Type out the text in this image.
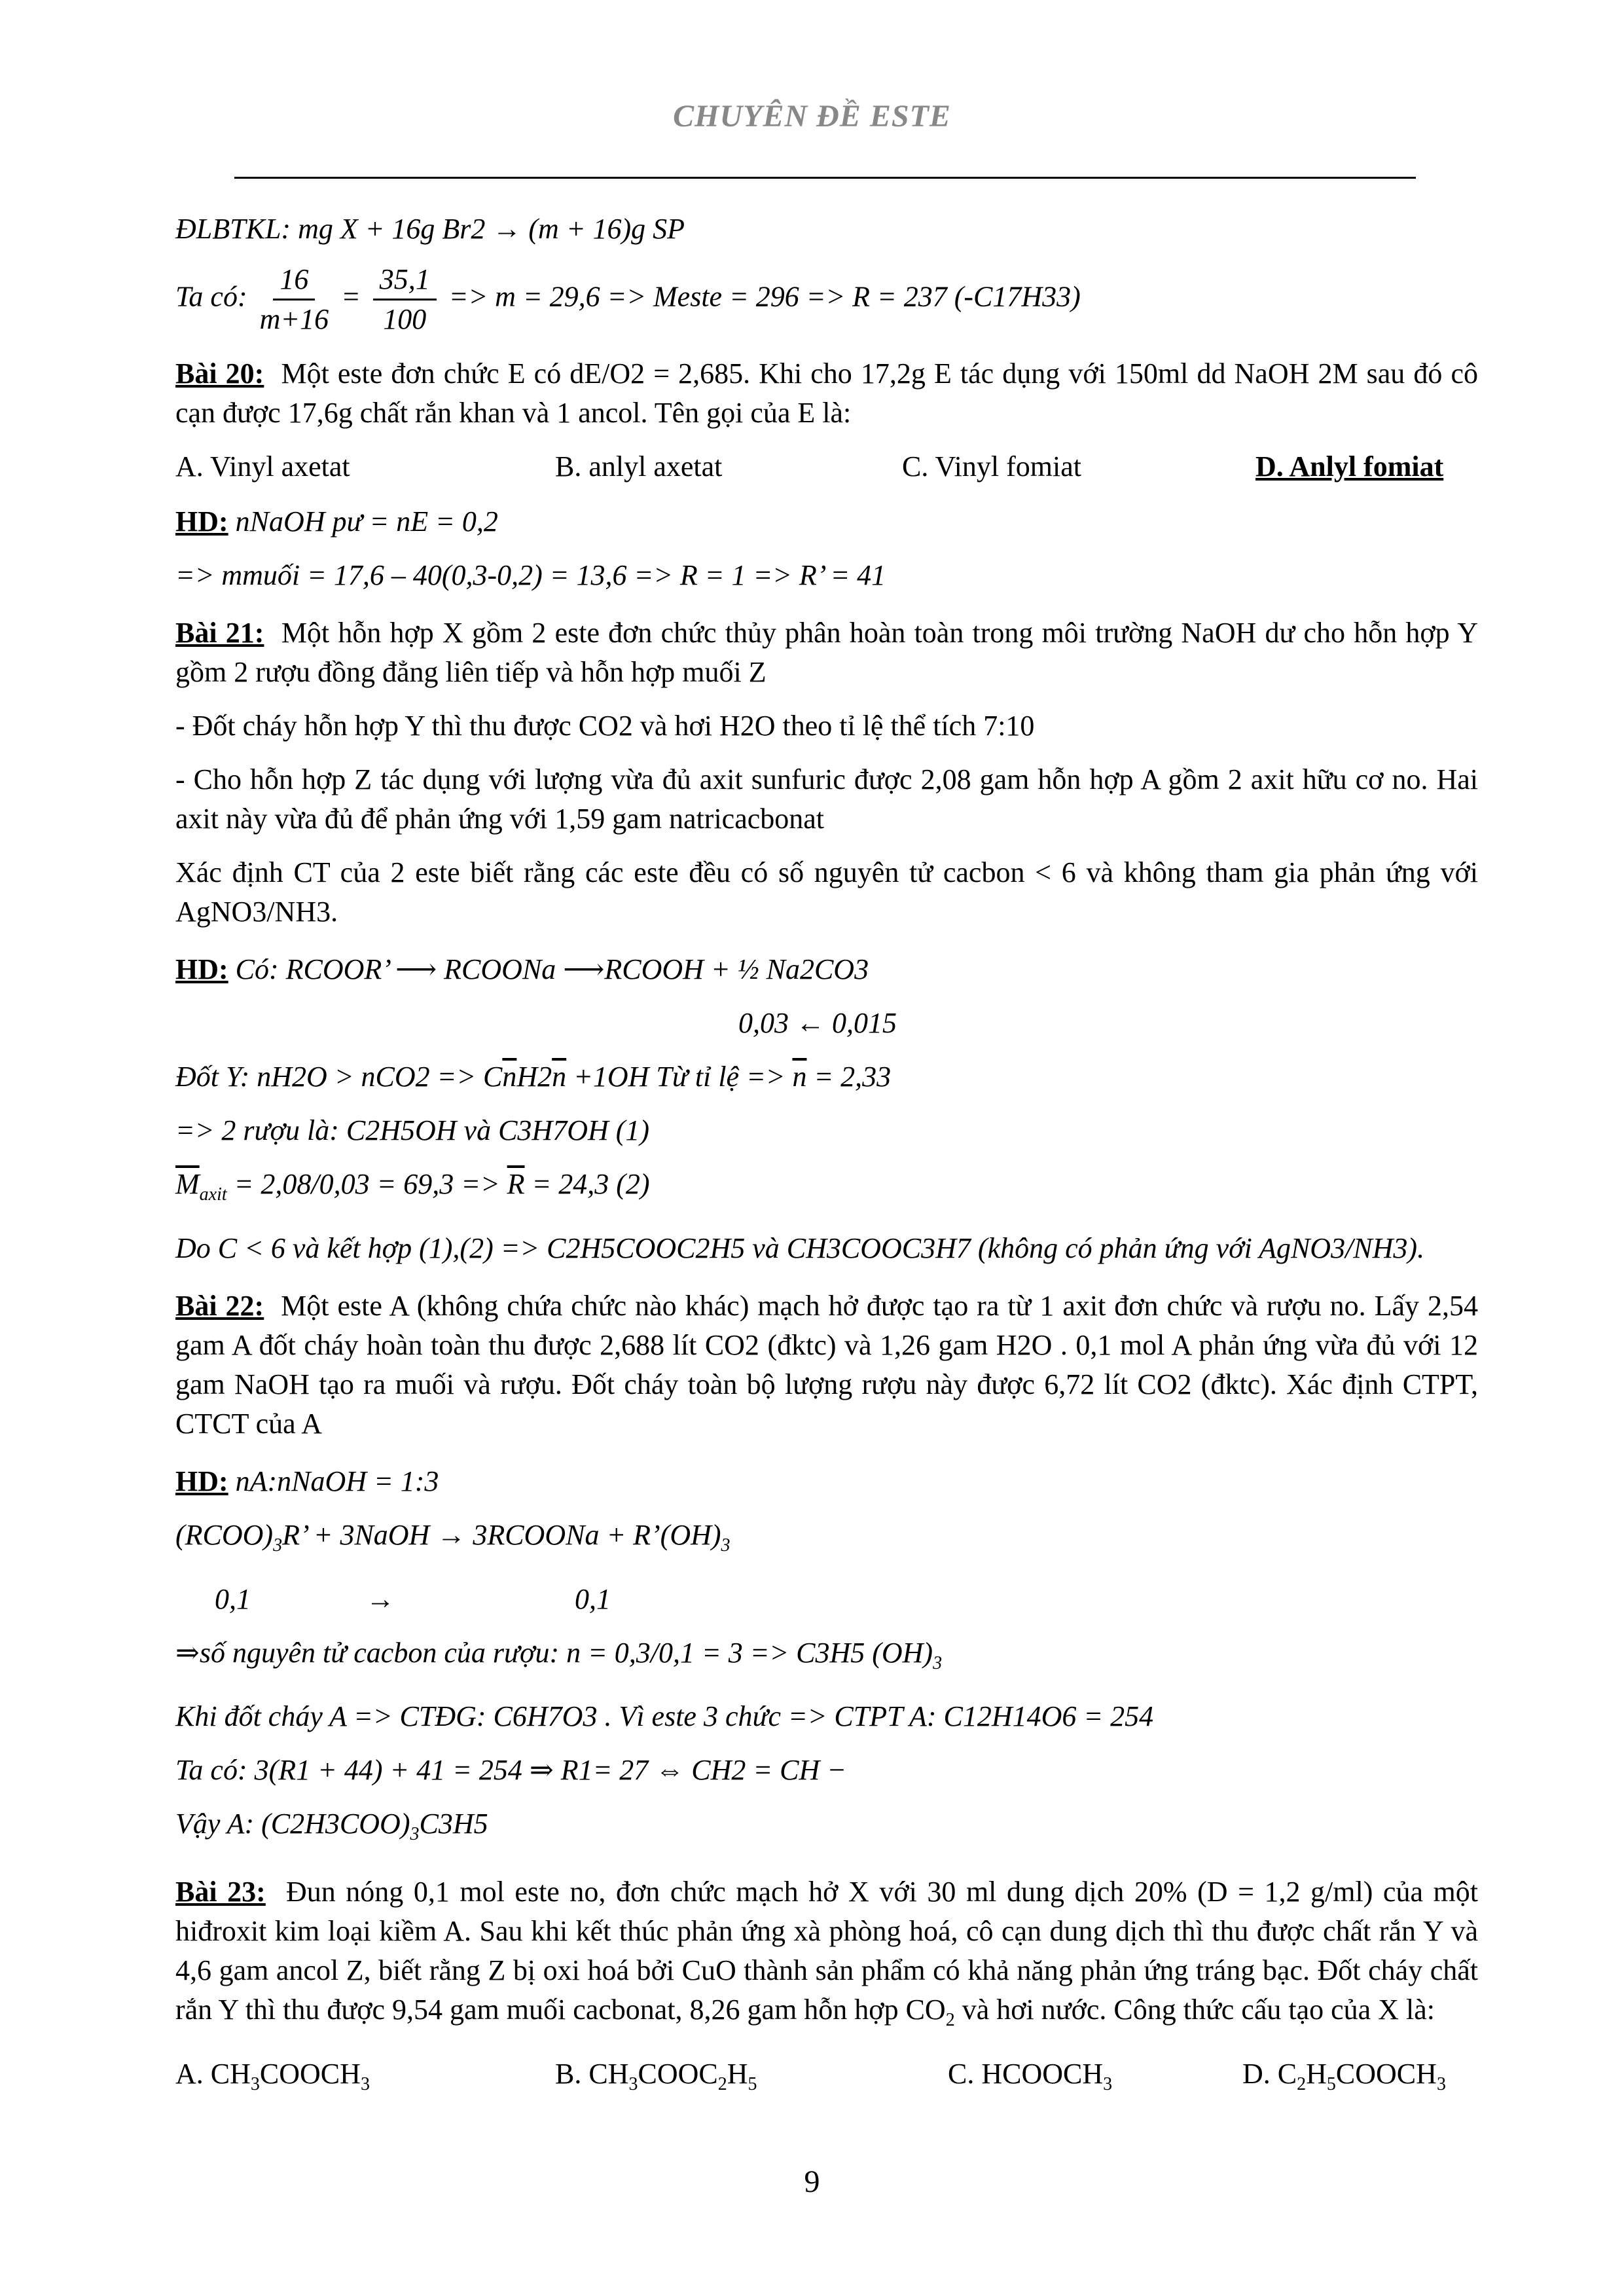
CHUYÊN ĐỀ ESTE

ĐLBTKL: mg X + 16g Br2 → (m + 16)g SP

Ta có: $\frac{16}{m+16} = \frac{35,1}{100} => m = 29,6$ => Meste = 296 => R = 237 (-C17H33)

Bài 20: Một este đơn chức E có dE/O2 = 2,685. Khi cho 17,2g E tác dụng với 150ml dd NaOH 2M sau đó cô cạn được 17,6g chất rắn khan và 1 ancol. Tên gọi của E là:

A. Vinyl axetat	B. anlyl axetat	C. Vinyl fomiat	D. Anlyl fomiat

HD: nNaOH pư = nE = 0,2

=> mmuối = 17,6 – 40(0,3-0,2) = 13,6 => R = 1 => R’ = 41

Bài 21: Một hỗn hợp X gồm 2 este đơn chức thủy phân hoàn toàn trong môi trường NaOH dư cho hỗn hợp Y gồm 2 rượu đồng đẳng liên tiếp và hỗn hợp muối Z

- Đốt cháy hỗn hợp Y thì thu được CO2 và hơi H2O theo tỉ lệ thể tích 7:10

- Cho hỗn hợp Z tác dụng với lượng vừa đủ axit sunfuric được 2,08 gam hỗn hợp A gồm 2 axit hữu cơ no. Hai axit này vừa đủ để phản ứng với 1,59 gam natricacbonat

Xác định CT của 2 este biết rằng các este đều có số nguyên tử cacbon < 6 và không tham gia phản ứng với AgNO3/NH3.

HD: Có: RCOOR’ ⟶ RCOONa ⟶RCOOH + ½ Na2CO3

0,03 ← 0,015

Đốt Y: $nH2O > nCO2 => C\overline{n}H2\overline{n} +1OH$ Từ tỉ lệ => $\overline{n} = 2,33$

=> 2 rượu là: C2H5OH và C3H7OH (1)

$\overline{M}_{axit} = 2,08/0,03 = 69,3 => \overline{R} = 24,3$ (2)

Do C < 6 và kết hợp (1),(2) => C2H5COOC2H5 và CH3COOC3H7 (không có phản ứng với AgNO3/NH3).

Bài 22: Một este A (không chứa chức nào khác) mạch hở được tạo ra từ 1 axit đơn chức và rượu no. Lấy 2,54 gam A đốt cháy hoàn toàn thu được 2,688 lít CO2 (đktc) và 1,26 gam H2O . 0,1 mol A phản ứng vừa đủ với 12 gam NaOH tạo ra muối và rượu. Đốt cháy toàn bộ lượng rượu này được 6,72 lít CO2 (đktc). Xác định CTPT, CTCT của A

HD: nA:nNaOH = 1:3

$(RCOO)_3R$’ + 3NaOH → 3RCOONa + $R’(OH)_3$

0,1                →                         0,1

⇒số nguyên tử cacbon của rượu: n = 0,3/0,1 = 3 => C3H5 $(OH)_3$

Khi đốt cháy A => CTĐG: C6H7O3 . Vì este 3 chức => CTPT A: C12H14O6 = 254

Ta có: 3(R1 + 44) + 41 = 254 ⇒ R1= 27 ⇔ CH2 = CH −

Vậy A: $(C2H3COO)_3C3H5$

Bài 23: Đun nóng 0,1 mol este no, đơn chức mạch hở X với 30 ml dung dịch 20% (D = 1,2 g/ml) của một hiđroxit kim loại kiềm A. Sau khi kết thúc phản ứng xà phòng hoá, cô cạn dung dịch thì thu được chất rắn Y và 4,6 gam ancol Z, biết rằng Z bị oxi hoá bởi CuO thành sản phẩm có khả năng phản ứng tráng bạc. Đốt cháy chất rắn Y thì thu được 9,54 gam muối cacbonat, 8,26 gam hỗn hợp $CO_2$ và hơi nước. Công thức cấu tạo của X là:

A. $CH_3COOCH_3$	B. $CH_3COOC_2H_5$	C. $HCOOCH_3$	D. $C_2H_5COOCH_3$
9
